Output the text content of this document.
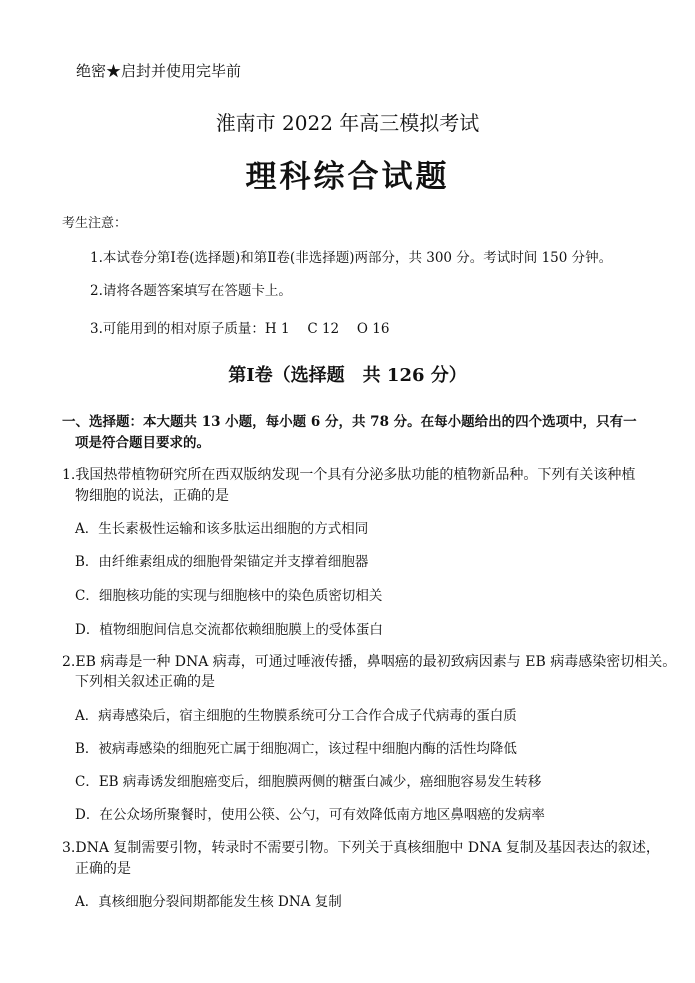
绝密★启封并使用完毕前
淮南市 2022 年高三模拟考试
理科综合试题
考生注意：
1.本试卷分第Ⅰ卷(选择题)和第Ⅱ卷(非选择题)两部分，共 300 分。考试时间 150 分钟。
2.请将各题答案填写在答题卡上。
3.可能用到的相对原子质量：H 1　 C 12　 O 16
第Ⅰ卷（选择题　共 126 分）
一、选择题：本大题共 13 小题，每小题 6 分，共 78 分。在每小题给出的四个选项中，只有一
项是符合题目要求的。
1.我国热带植物研究所在西双版纳发现一个具有分泌多肽功能的植物新品种。下列有关该种植
物细胞的说法，正确的是
A．生长素极性运输和该多肽运出细胞的方式相同
B．由纤维素组成的细胞骨架锚定并支撑着细胞器
C．细胞核功能的实现与细胞核中的染色质密切相关
D．植物细胞间信息交流都依赖细胞膜上的受体蛋白
2.EB 病毒是一种 DNA 病毒，可通过唾液传播，鼻咽癌的最初致病因素与 EB 病毒感染密切相关。
下列相关叙述正确的是
A．病毒感染后，宿主细胞的生物膜系统可分工合作合成子代病毒的蛋白质
B．被病毒感染的细胞死亡属于细胞凋亡，该过程中细胞内酶的活性均降低
C．EB 病毒诱发细胞癌变后，细胞膜两侧的糖蛋白减少，癌细胞容易发生转移
D．在公众场所聚餐时，使用公筷、公勺，可有效降低南方地区鼻咽癌的发病率
3.DNA 复制需要引物，转录时不需要引物。下列关于真核细胞中 DNA 复制及基因表达的叙述，
正确的是
A．真核细胞分裂间期都能发生核 DNA 复制
